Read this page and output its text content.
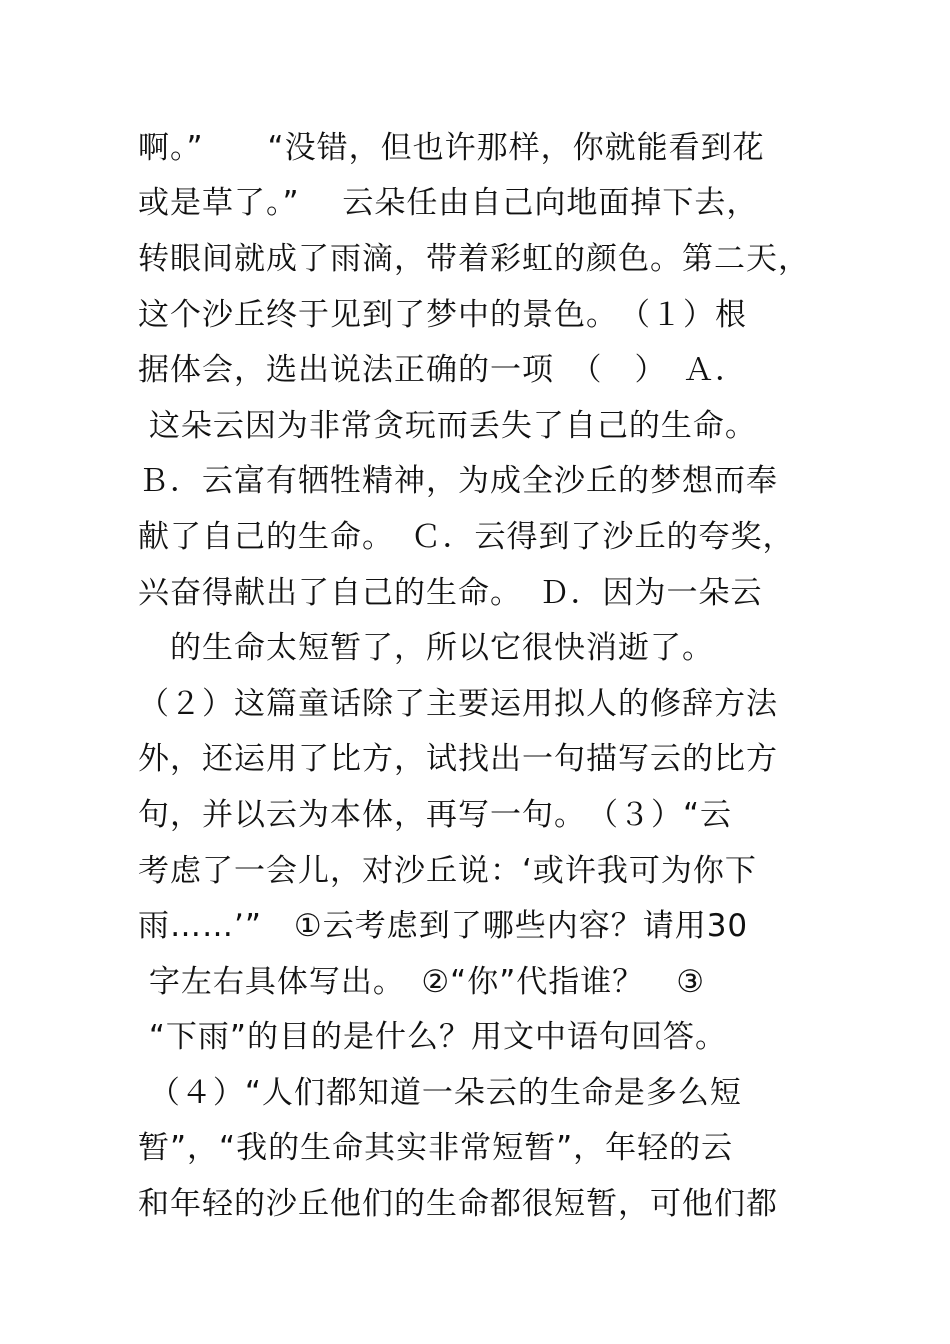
啊。”　　“没错，但也许那样，你就能看到花
或是草了。”　 云朵任由自己向地面掉下去，
转眼间就成了雨滴，带着彩虹的颜色。第二天，
这个沙丘终于见到了梦中的景色。　（１）根
据体会，选出说法正确的一项　（　）　Ａ．
这朵云因为非常贪玩而丢失了自己的生命。
Ｂ．云富有牺牲精神，为成全沙丘的梦想而奉
献了自己的生命。　Ｃ．云得到了沙丘的夸奖，
兴奋得献出了自己的生命。　Ｄ．因为一朵云
　的生命太短暂了，所以它很快消逝了。
（２）这篇童话除了主要运用拟人的修辞方法
外，还运用了比方，试找出一句描写云的比方
句，并以云为本体，再写一句。　（３）“云
考虑了一会儿，对沙丘说：‘或许我可为你下
雨……’”　①云考虑到了哪些内容？请用30
字左右具体写出。　②“你”代指谁？　③
“下雨”的目的是什么？用文中语句回答。
（４）“人们都知道一朵云的生命是多么短
暂”，“我的生命其实非常短暂”，年轻的云
和年轻的沙丘他们的生命都很短暂，可他们都
